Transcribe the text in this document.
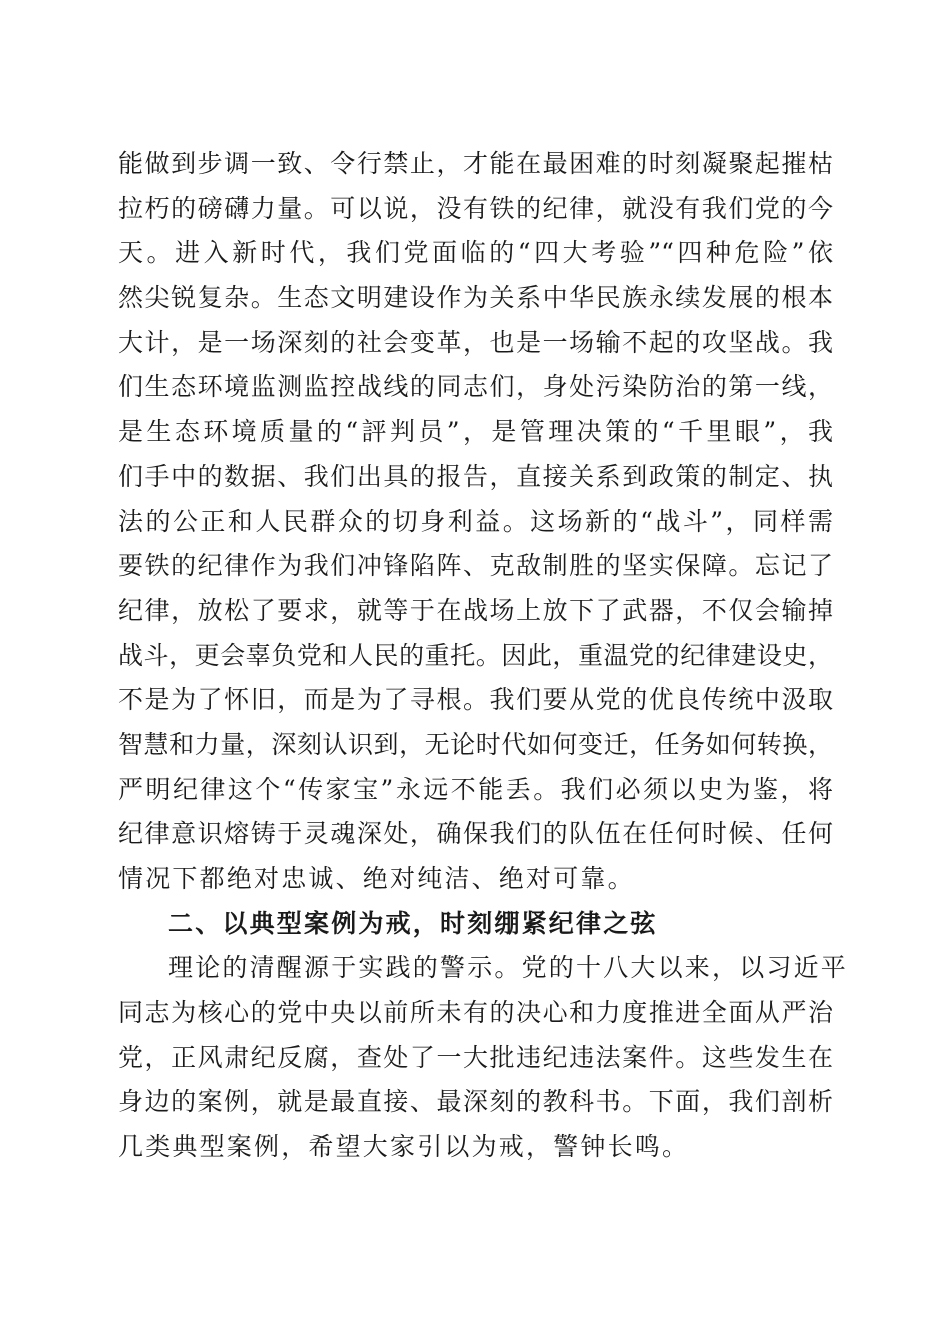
能做到步调一致、令行禁止，才能在最困难的时刻凝聚起摧枯
拉朽的磅礴力量。可以说，没有铁的纪律，就没有我们党的今
天。进入新时代，我们党面临的“四大考验”“四种危险”依
然尖锐复杂。生态文明建设作为关系中华民族永续发展的根本
大计，是一场深刻的社会变革，也是一场输不起的攻坚战。我
们生态环境监测监控战线的同志们，身处污染防治的第一线，
是生态环境质量的“評判员”，是管理决策的“千里眼”，我
们手中的数据、我们出具的报告，直接关系到政策的制定、执
法的公正和人民群众的切身利益。这场新的“战斗”，同样需
要铁的纪律作为我们冲锋陷阵、克敌制胜的坚实保障。忘记了
纪律，放松了要求，就等于在战场上放下了武器，不仅会输掉
战斗，更会辜负党和人民的重托。因此，重温党的纪律建设史，
不是为了怀旧，而是为了寻根。我们要从党的优良传统中汲取
智慧和力量，深刻认识到，无论时代如何变迁，任务如何转换，
严明纪律这个“传家宝”永远不能丢。我们必须以史为鉴，将
纪律意识熔铸于灵魂深处，确保我们的队伍在任何时候、任何
情况下都绝对忠诚、绝对纯洁、绝对可靠。
二、以典型案例为戒，时刻绷紧纪律之弦
理论的清醒源于实践的警示。党的十八大以来，以习近平
同志为核心的党中央以前所未有的决心和力度推进全面从严治
党，正风肃纪反腐，查处了一大批违纪违法案件。这些发生在
身边的案例，就是最直接、最深刻的教科书。下面，我们剖析
几类典型案例，希望大家引以为戒，警钟长鸣。
